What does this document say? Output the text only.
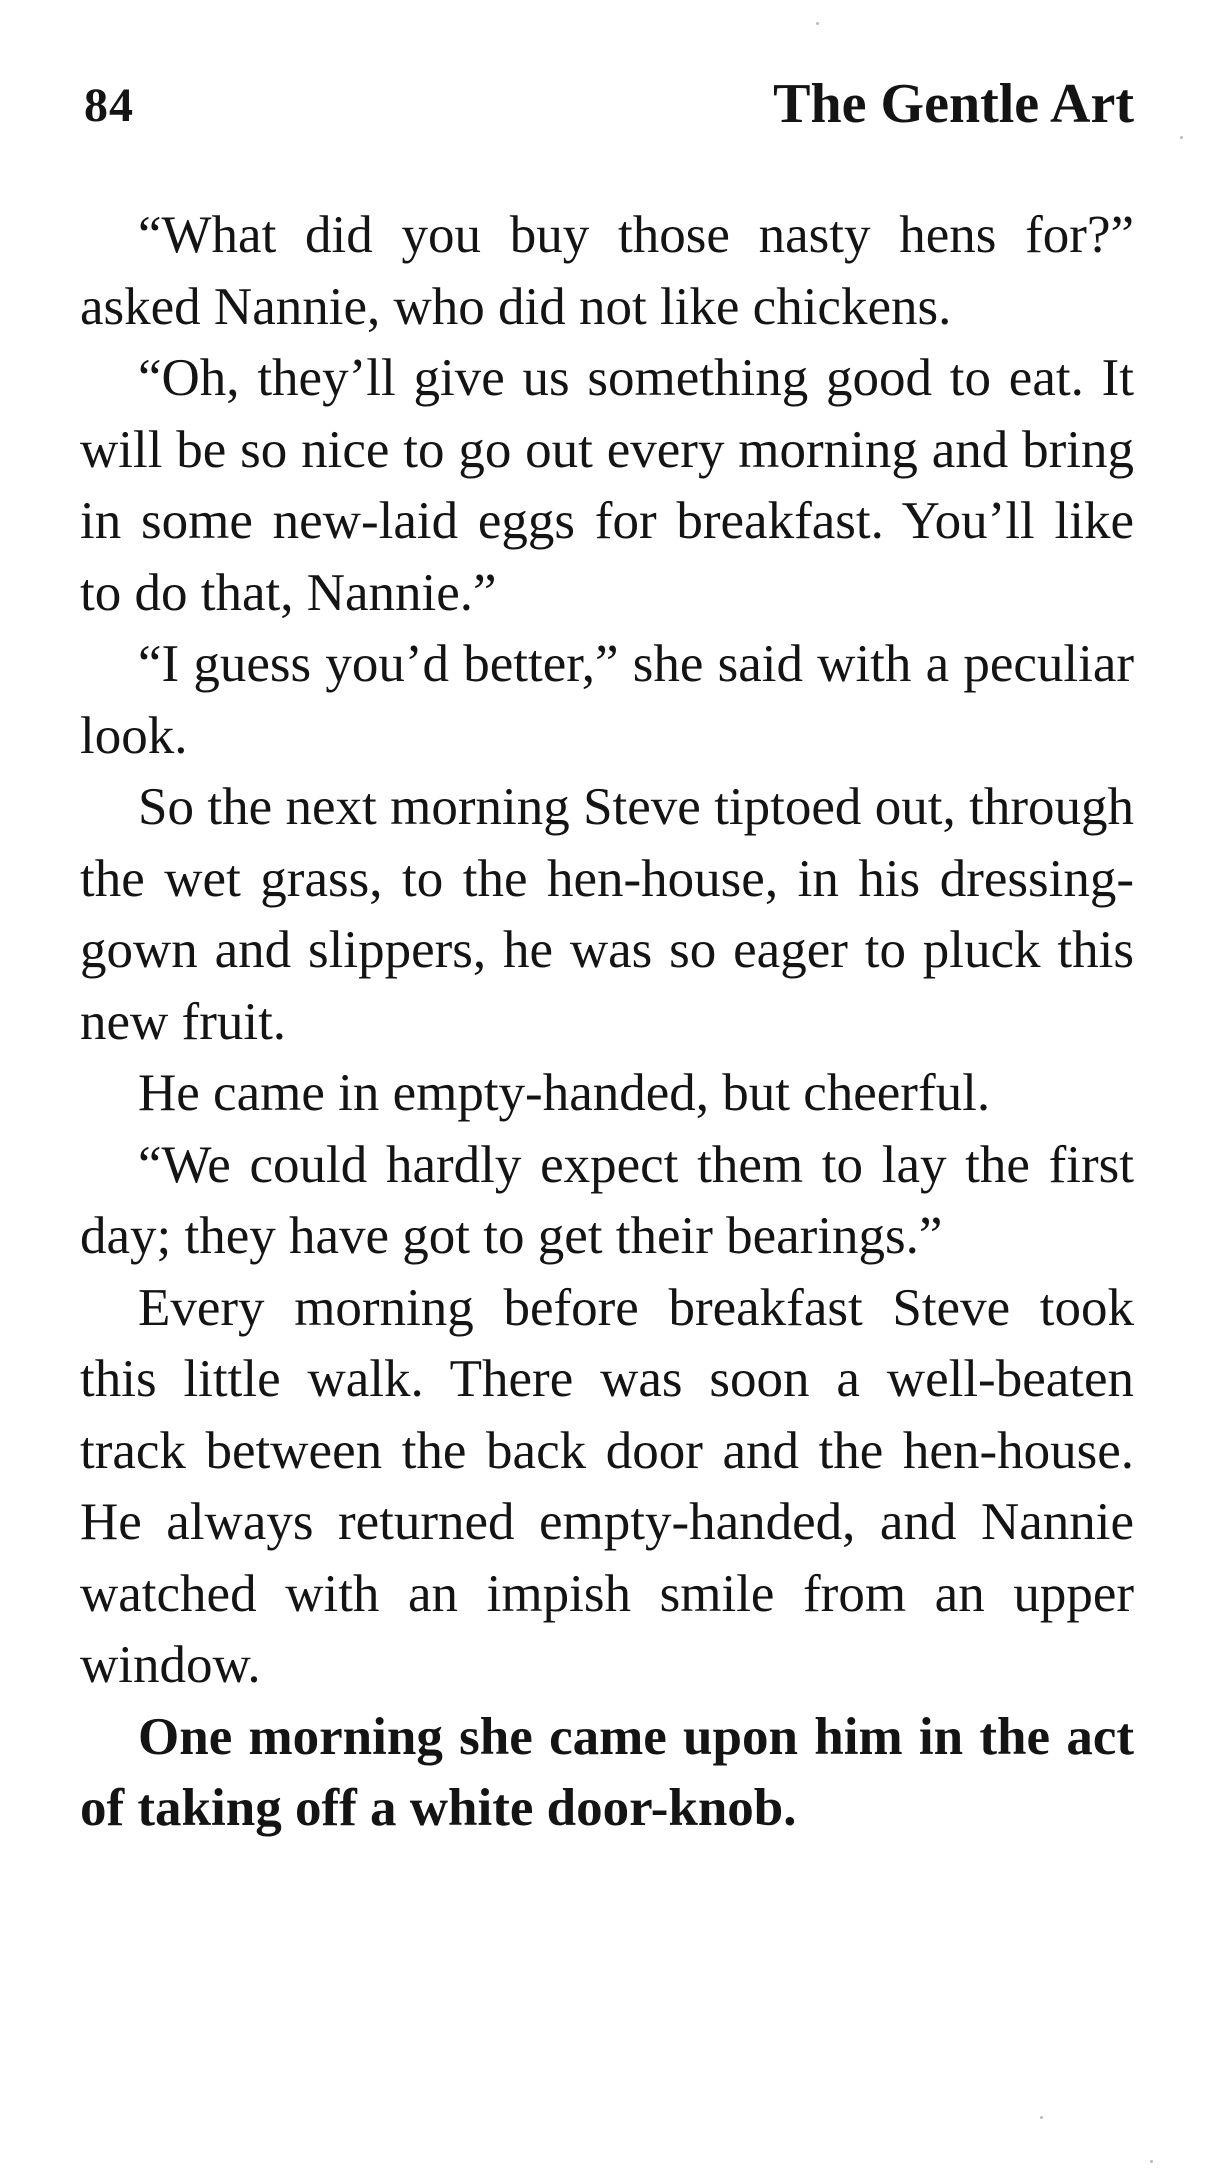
84	The Gentle Art

“What did you buy those nasty hens for?” asked Nannie, who did not like chickens.

“Oh, they’ll give us something good to eat. It will be so nice to go out every morning and bring in some new-laid eggs for breakfast. You’ll like to do that, Nannie.”

“I guess you’d better,” she said with a peculiar look.

So the next morning Steve tiptoed out, through the wet grass, to the hen-house, in his dressing-gown and slippers, he was so eager to pluck this new fruit.

He came in empty-handed, but cheerful.

“We could hardly expect them to lay the first day; they have got to get their bearings.”

Every morning before breakfast Steve took this little walk. There was soon a well-beaten track between the back door and the hen-house. He always returned empty-handed, and Nannie watched with an impish smile from an upper window.

One morning she came upon him in the act of taking off a white door-knob.
